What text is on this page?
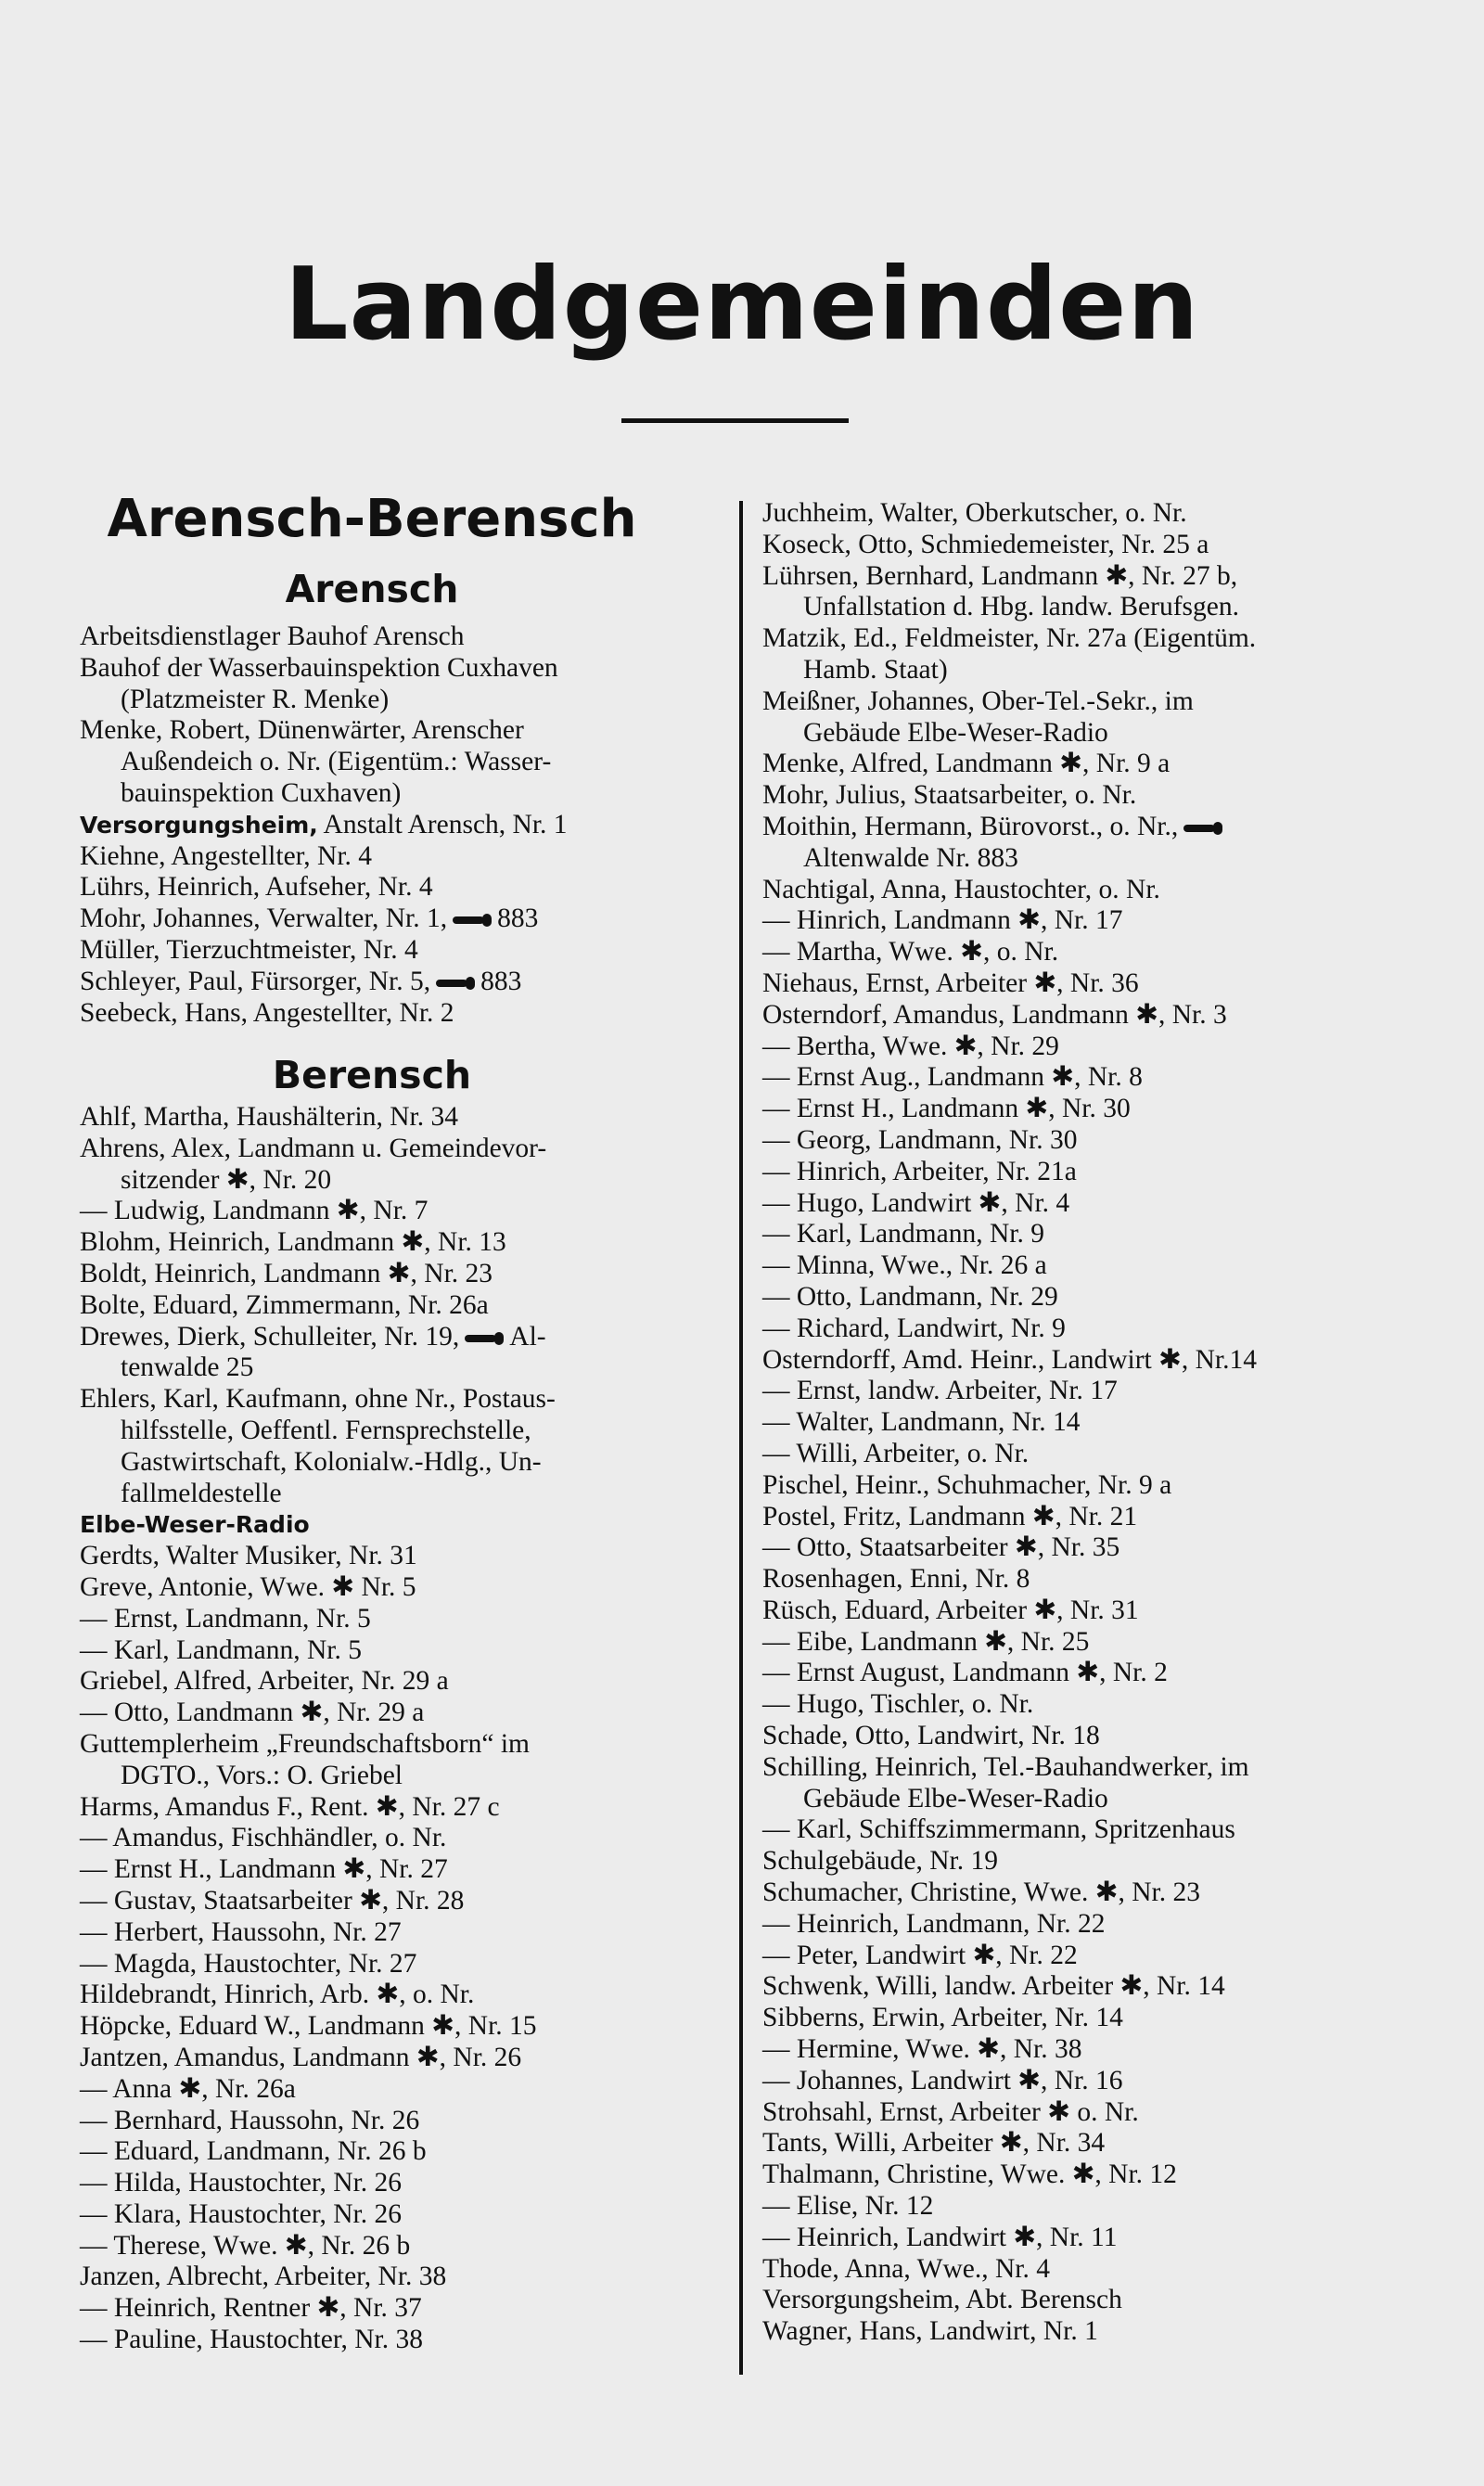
Landgemeinden
Arensch-Berensch
Arensch
Arbeitsdienstlager Bauhof Arensch
Bauhof der Wasserbauinspektion Cuxhaven
(Platzmeister R. Menke)
Menke, Robert, Dünenwärter, Arenscher
Außendeich o. Nr. (Eigentüm.: Wasser-
bauinspektion Cuxhaven)
Versorgungsheim, Anstalt Arensch, Nr. 1
Kiehne, Angestellter, Nr. 4
Lührs, Heinrich, Aufseher, Nr. 4
Mohr, Johannes, Verwalter, Nr. 1, 883
Müller, Tierzuchtmeister, Nr. 4
Schleyer, Paul, Fürsorger, Nr. 5, 883
Seebeck, Hans, Angestellter, Nr. 2
Berensch
Ahlf, Martha, Haushälterin, Nr. 34
Ahrens, Alex, Landmann u. Gemeindevor-
sitzender ✱, Nr. 20
— Ludwig, Landmann ✱, Nr. 7
Blohm, Heinrich, Landmann ✱, Nr. 13
Boldt, Heinrich, Landmann ✱, Nr. 23
Bolte, Eduard, Zimmermann, Nr. 26a
Drewes, Dierk, Schulleiter, Nr. 19, Al-
tenwalde 25
Ehlers, Karl, Kaufmann, ohne Nr., Postaus-
hilfsstelle, Oeffentl. Fernsprechstelle,
Gastwirtschaft, Kolonialw.-Hdlg., Un-
fallmeldestelle
Elbe-Weser-Radio
Gerdts, Walter Musiker, Nr. 31
Greve, Antonie, Wwe. ✱ Nr. 5
— Ernst, Landmann, Nr. 5
— Karl, Landmann, Nr. 5
Griebel, Alfred, Arbeiter, Nr. 29 a
— Otto, Landmann ✱, Nr. 29 a
Guttemplerheim „Freundschaftsborn“ im
DGTO., Vors.: O. Griebel
Harms, Amandus F., Rent. ✱, Nr. 27 c
— Amandus, Fischhändler, o. Nr.
— Ernst H., Landmann ✱, Nr. 27
— Gustav, Staatsarbeiter ✱, Nr. 28
— Herbert, Haussohn, Nr. 27
— Magda, Haustochter, Nr. 27
Hildebrandt, Hinrich, Arb. ✱, o. Nr.
Höpcke, Eduard W., Landmann ✱, Nr. 15
Jantzen, Amandus, Landmann ✱, Nr. 26
— Anna ✱, Nr. 26a
— Bernhard, Haussohn, Nr. 26
— Eduard, Landmann, Nr. 26 b
— Hilda, Haustochter, Nr. 26
— Klara, Haustochter, Nr. 26
— Therese, Wwe. ✱, Nr. 26 b
Janzen, Albrecht, Arbeiter, Nr. 38
— Heinrich, Rentner ✱, Nr. 37
— Pauline, Haustochter, Nr. 38
Juchheim, Walter, Oberkutscher, o. Nr.
Koseck, Otto, Schmiedemeister, Nr. 25 a
Lührsen, Bernhard, Landmann ✱, Nr. 27 b,
Unfallstation d. Hbg. landw. Berufsgen.
Matzik, Ed., Feldmeister, Nr. 27a (Eigentüm.
Hamb. Staat)
Meißner, Johannes, Ober-Tel.-Sekr., im
Gebäude Elbe-Weser-Radio
Menke, Alfred, Landmann ✱, Nr. 9 a
Mohr, Julius, Staatsarbeiter, o. Nr.
Moithin, Hermann, Bürovorst., o. Nr.,
Altenwalde Nr. 883
Nachtigal, Anna, Haustochter, o. Nr.
— Hinrich, Landmann ✱, Nr. 17
— Martha, Wwe. ✱, o. Nr.
Niehaus, Ernst, Arbeiter ✱, Nr. 36
Osterndorf, Amandus, Landmann ✱, Nr. 3
— Bertha, Wwe. ✱, Nr. 29
— Ernst Aug., Landmann ✱, Nr. 8
— Ernst H., Landmann ✱, Nr. 30
— Georg, Landmann, Nr. 30
— Hinrich, Arbeiter, Nr. 21a
— Hugo, Landwirt ✱, Nr. 4
— Karl, Landmann, Nr. 9
— Minna, Wwe., Nr. 26 a
— Otto, Landmann, Nr. 29
— Richard, Landwirt, Nr. 9
Osterndorff, Amd. Heinr., Landwirt ✱, Nr.14
— Ernst, landw. Arbeiter, Nr. 17
— Walter, Landmann, Nr. 14
— Willi, Arbeiter, o. Nr.
Pischel, Heinr., Schuhmacher, Nr. 9 a
Postel, Fritz, Landmann ✱, Nr. 21
— Otto, Staatsarbeiter ✱, Nr. 35
Rosenhagen, Enni, Nr. 8
Rüsch, Eduard, Arbeiter ✱, Nr. 31
— Eibe, Landmann ✱, Nr. 25
— Ernst August, Landmann ✱, Nr. 2
— Hugo, Tischler, o. Nr.
Schade, Otto, Landwirt, Nr. 18
Schilling, Heinrich, Tel.-Bauhandwerker, im
Gebäude Elbe-Weser-Radio
— Karl, Schiffszimmermann, Spritzenhaus
Schulgebäude, Nr. 19
Schumacher, Christine, Wwe. ✱, Nr. 23
— Heinrich, Landmann, Nr. 22
— Peter, Landwirt ✱, Nr. 22
Schwenk, Willi, landw. Arbeiter ✱, Nr. 14
Sibberns, Erwin, Arbeiter, Nr. 14
— Hermine, Wwe. ✱, Nr. 38
— Johannes, Landwirt ✱, Nr. 16
Strohsahl, Ernst, Arbeiter ✱ o. Nr.
Tants, Willi, Arbeiter ✱, Nr. 34
Thalmann, Christine, Wwe. ✱, Nr. 12
— Elise, Nr. 12
— Heinrich, Landwirt ✱, Nr. 11
Thode, Anna, Wwe., Nr. 4
Versorgungsheim, Abt. Berensch
Wagner, Hans, Landwirt, Nr. 1
